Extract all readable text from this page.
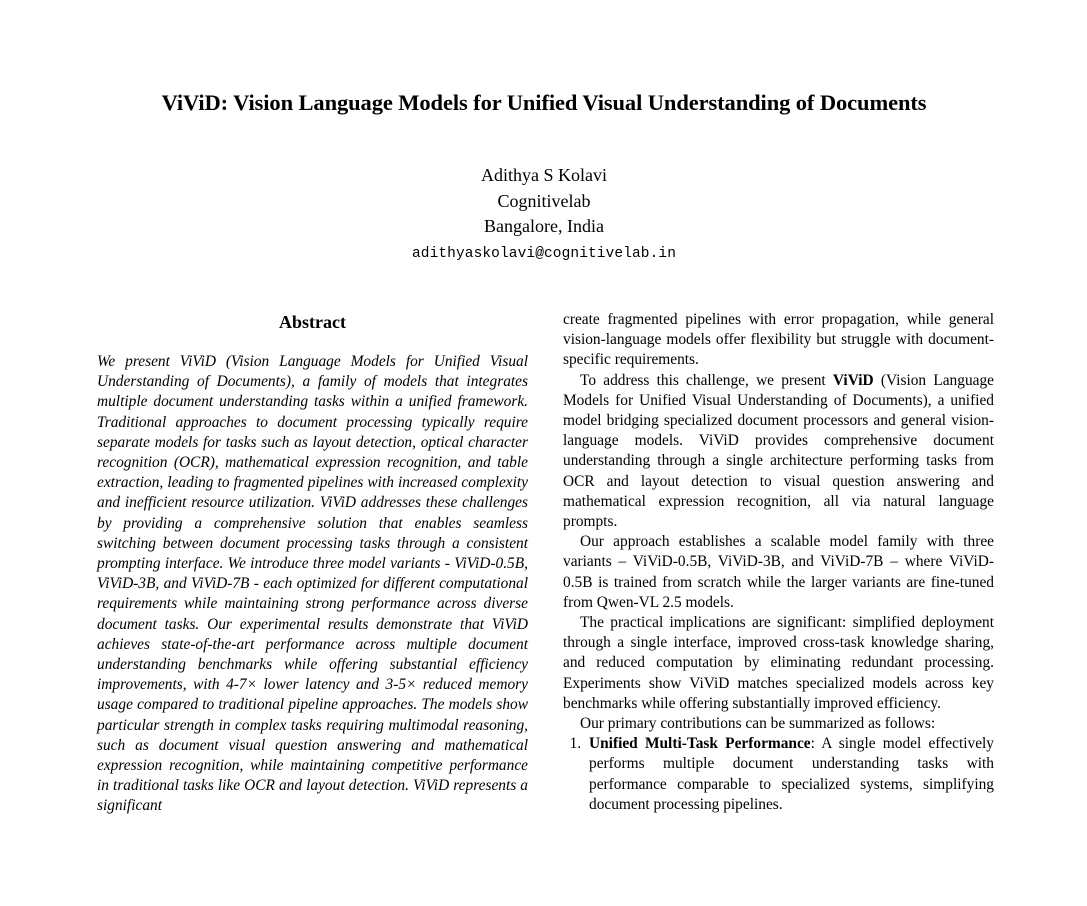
ViViD: Vision Language Models for Unified Visual Understanding of Documents
Adithya S Kolavi
Cognitivelab
Bangalore, India
adithyaskolavi@cognitivelab.in
Abstract

We present ViViD (Vision Language Models for Unified Visual Understanding of Documents), a family of models that integrates multiple document understanding tasks within a unified framework. Traditional approaches to document processing typically require separate models for tasks such as layout detection, optical character recognition (OCR), mathematical expression recognition, and table extraction, leading to fragmented pipelines with increased complexity and inefficient resource utilization. ViViD addresses these challenges by providing a comprehensive solution that enables seamless switching between document processing tasks through a consistent prompting interface. We introduce three model variants - ViViD-0.5B, ViViD-3B, and ViViD-7B - each optimized for different computational requirements while maintaining strong performance across diverse document tasks. Our experimental results demonstrate that ViViD achieves state-of-the-art performance across multiple document understanding benchmarks while offering substantial efficiency improvements, with 4-7× lower latency and 3-5× reduced memory usage compared to traditional pipeline approaches. The models show particular strength in complex tasks requiring multimodal reasoning, such as document visual question answering and mathematical expression recognition, while maintaining competitive performance in traditional tasks like OCR and layout detection. ViViD represents a significant

create fragmented pipelines with error propagation, while general vision-language models offer flexibility but struggle with document-specific requirements.

To address this challenge, we present ViViD (Vision Language Models for Unified Visual Understanding of Documents), a unified model bridging specialized document processors and general vision-language models. ViViD provides comprehensive document understanding through a single architecture performing tasks from OCR and layout detection to visual question answering and mathematical expression recognition, all via natural language prompts.

Our approach establishes a scalable model family with three variants – ViViD-0.5B, ViViD-3B, and ViViD-7B – where ViViD-0.5B is trained from scratch while the larger variants are fine-tuned from Qwen-VL 2.5 models.

The practical implications are significant: simplified deployment through a single interface, improved cross-task knowledge sharing, and reduced computation by eliminating redundant processing. Experiments show ViViD matches specialized models across key benchmarks while offering substantially improved efficiency.

Our primary contributions can be summarized as follows:

1. Unified Multi-Task Performance: A single model effectively performs multiple document understanding tasks with performance comparable to specialized systems, simplifying document processing pipelines.
